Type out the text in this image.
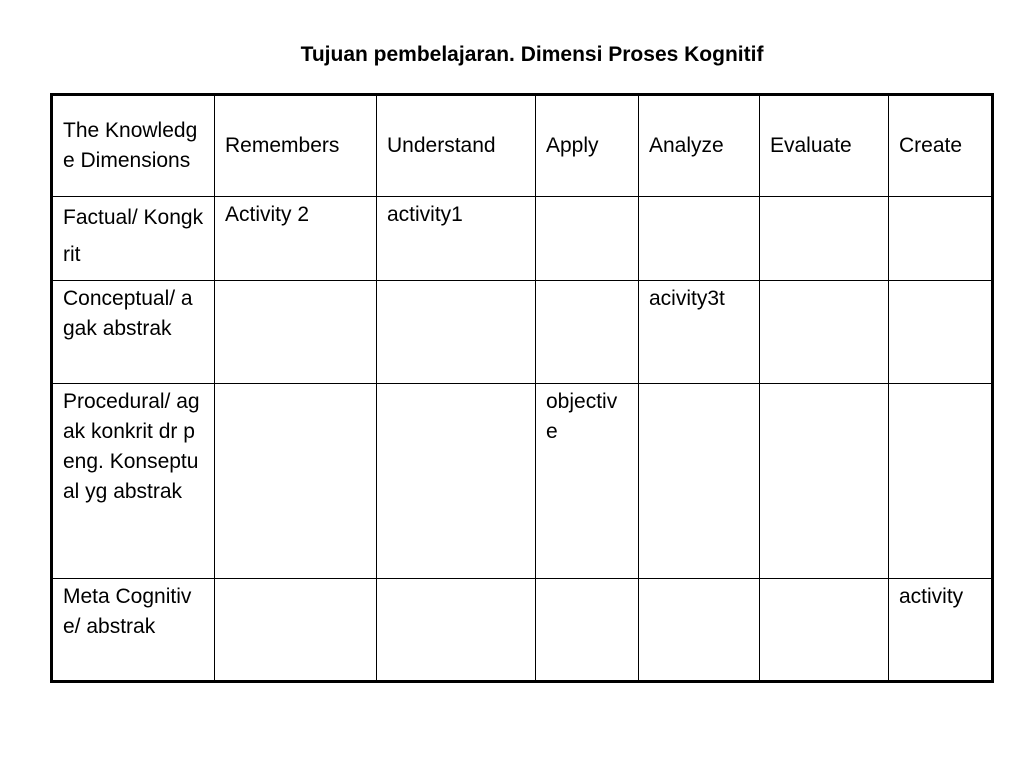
Tujuan pembelajaran. Dimensi Proses Kognitif
The Knowledge Dimensions	Remembers	Understand	Apply	Analyze	Evaluate	Create
Factual/ Kongkrit	Activity 2	activity1				
Conceptual/ agak abstrak				acivity3t		
Procedural/ agak konkrit dr peng. Konseptual yg abstrak			objective			
Meta Cognitive/ abstrak						activity
